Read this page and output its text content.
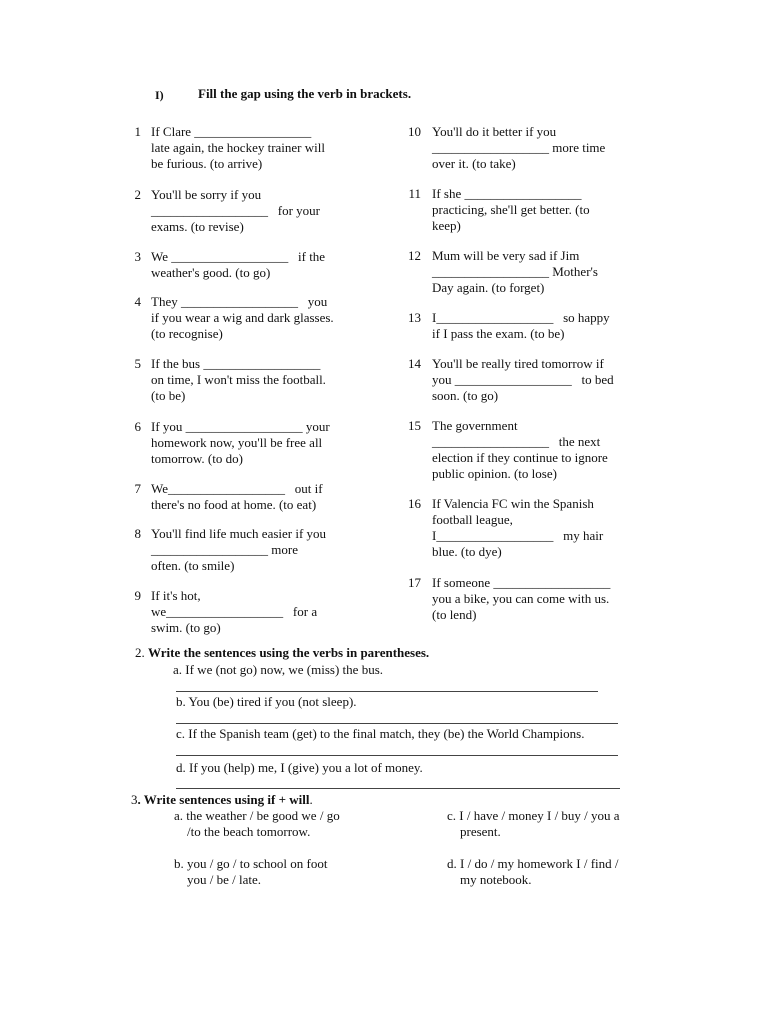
I)	Fill the gap using the verb in brackets.
1 If Clare __________________
late again, the hockey trainer will
be furious. (to arrive)
2 You'll be sorry if you
__________________   for your
exams. (to revise)
3 We __________________   if the
weather's good. (to go)
4 They __________________   you
if you wear a wig and dark glasses.
(to recognise)
5 If the bus __________________
on time, I won't miss the football.
(to be)
6 If you __________________ your
homework now, you'll be free all
tomorrow. (to do)
7 We__________________   out if
there's no food at home. (to eat)
8 You'll find life much easier if you
__________________ more
often. (to smile)
9 If it's hot,
we__________________   for a
swim. (to go)
10 You'll do it better if you
__________________ more time
over it. (to take)
11 If she __________________
practicing, she'll get better. (to
keep)
12 Mum will be very sad if Jim
__________________ Mother's
Day again. (to forget)
13 I__________________   so happy
if I pass the exam. (to be)
14 You'll be really tired tomorrow if
you __________________   to bed
soon. (to go)
15 The government
__________________   the next
election if they continue to ignore
public opinion. (to lose)
16 If Valencia FC win the Spanish
football league,
I__________________   my hair
blue. (to dye)
17 If someone __________________
you a bike, you can come with us.
(to lend)
2. Write the sentences using the verbs in parentheses.
a. If we (not go) now, we (miss) the bus.
b. You (be) tired if you (not sleep).
c. If the Spanish team (get) to the final match, they (be) the World Champions.
d. If you (help) me, I (give) you a lot of money.
3. Write sentences using if + will.
a. the weather / be good we / go
/to the beach tomorrow.
b. you / go / to school on foot
you / be / late.
c. I / have / money I / buy / you a
present.
d. I / do / my homework I / find /
my notebook.
